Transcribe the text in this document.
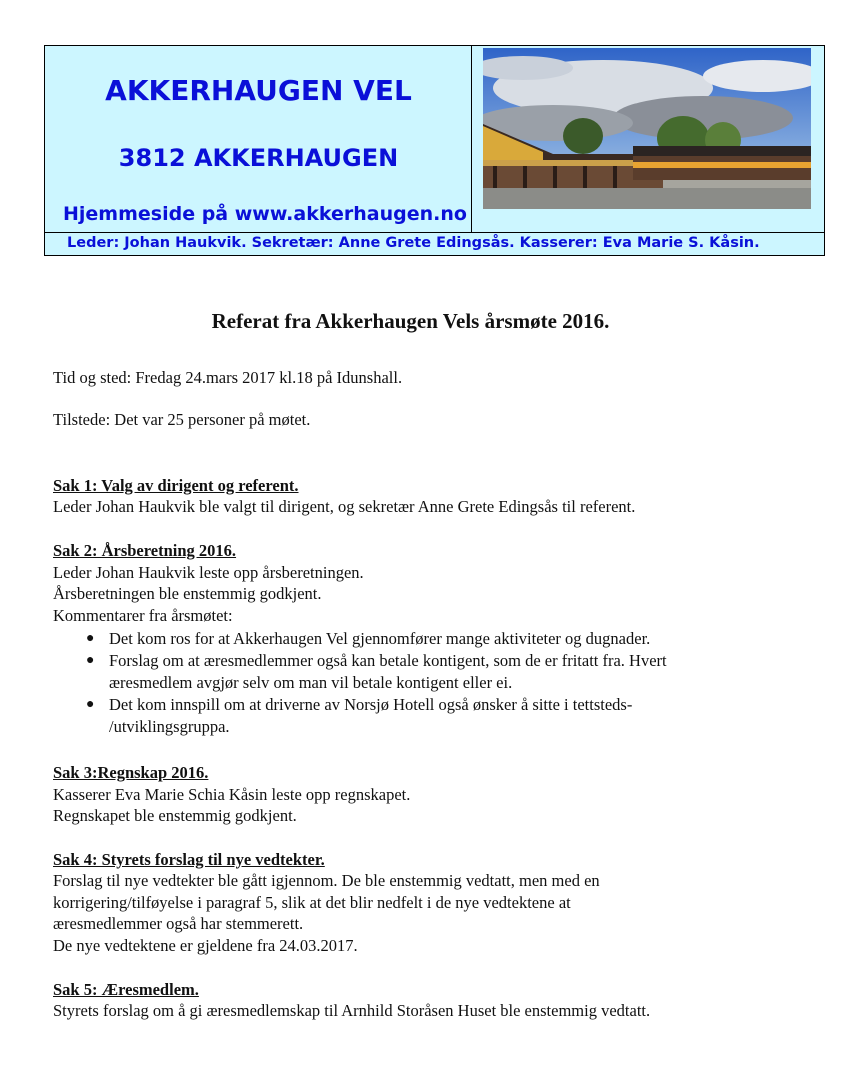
AKKERHAUGEN VEL

3812 AKKERHAUGEN

Hjemmeside på www.akkerhaugen.no

Leder: Johan Haukvik. Sekretær: Anne Grete Edingsås. Kasserer: Eva Marie S. Kåsin.
Referat fra Akkerhaugen Vels årsmøte 2016.

Tid og sted: Fredag 24.mars 2017 kl.18 på Idunshall.

Tilstede: Det var 25 personer på møtet.

Sak 1: Valg av dirigent og referent.

Leder Johan Haukvik ble valgt til dirigent, og sekretær Anne Grete Edingsås til referent.

Sak 2: Årsberetning 2016.

Leder Johan Haukvik leste opp årsberetningen.

Årsberetningen ble enstemmig godkjent.

Kommentarer fra årsmøtet:

● Det kom ros for at Akkerhaugen Vel gjennomfører mange aktiviteter og dugnader.
● Forslag om at æresmedlemmer også kan betale kontigent, som de er fritatt fra. Hvert
æresmedlem avgjør selv om man vil betale kontigent eller ei.
● Det kom innspill om at driverne av Norsjø Hotell også ønsker å sitte i tettsteds-
/utviklingsgruppa.

Sak 3:Regnskap 2016.

Kasserer Eva Marie Schia Kåsin leste opp regnskapet.

Regnskapet ble enstemmig godkjent.

Sak 4: Styrets forslag til nye vedtekter.

Forslag til nye vedtekter ble gått igjennom. De ble enstemmig vedtatt, men med en

korrigering/tilføyelse i paragraf 5, slik at det blir nedfelt i de nye vedtektene at

æresmedlemmer også har stemmerett.

De nye vedtektene er gjeldene fra 24.03.2017.

Sak 5: Æresmedlem.

Styrets forslag om å gi æresmedlemskap til Arnhild Storåsen Huset ble enstemmig vedtatt.
